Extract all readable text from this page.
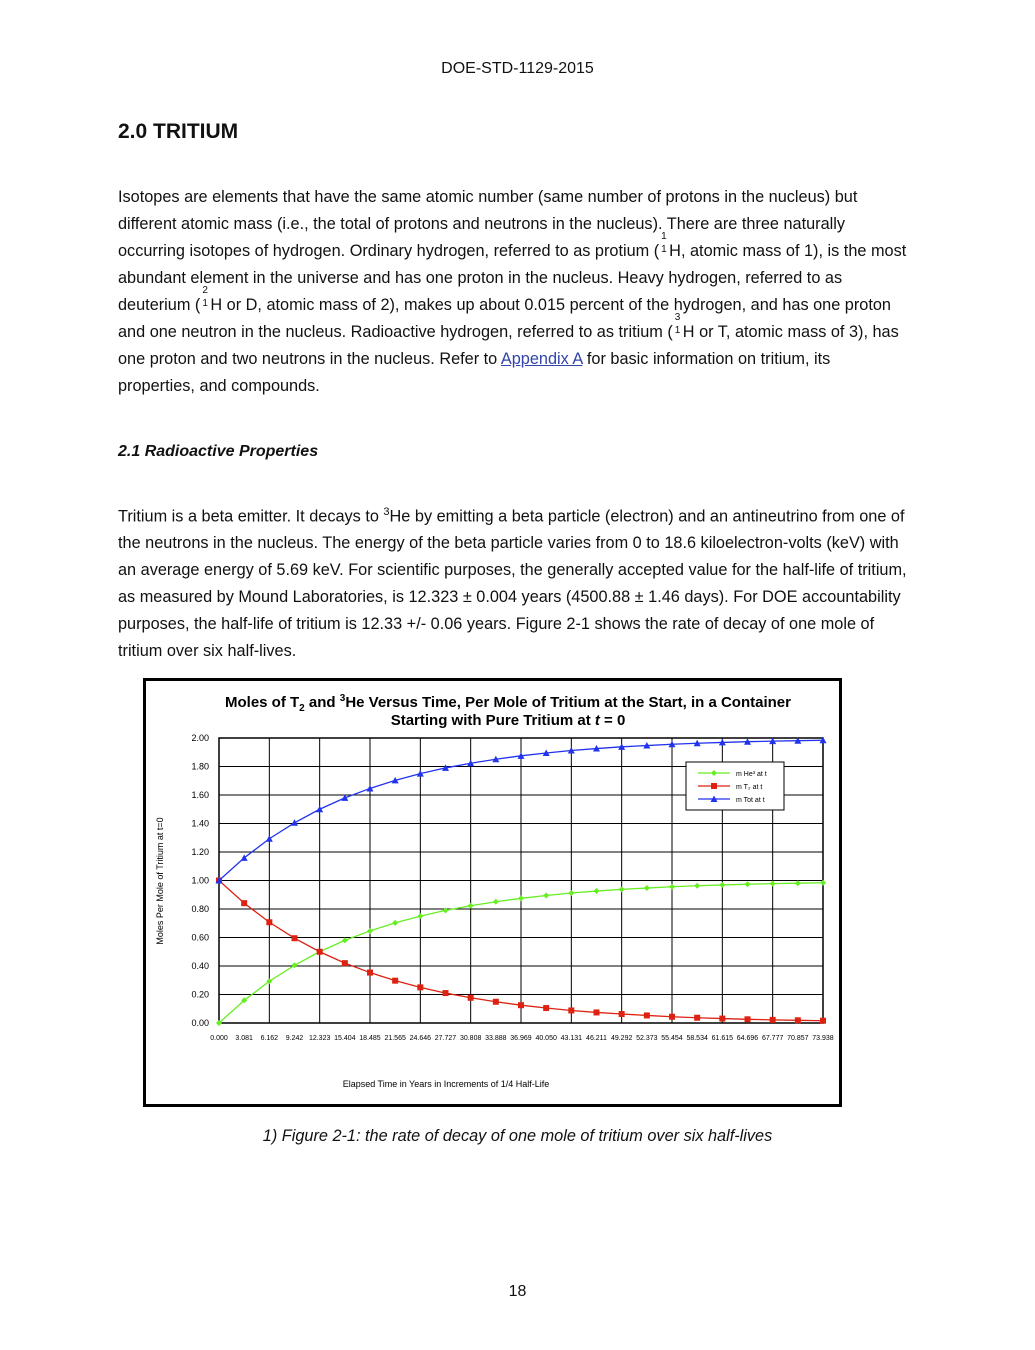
DOE-STD-1129-2015
2.0 TRITIUM
Isotopes are elements that have the same atomic number (same number of protons in the nucleus) but different atomic mass (i.e., the total of protons and neutrons in the nucleus). There are three naturally occurring isotopes of hydrogen. Ordinary hydrogen, referred to as protium (
1
1 H, atomic mass of 1), is the most abundant element in the universe and has one proton in the nucleus. Heavy hydrogen, referred to as deuterium (
2
1 H or D, atomic mass of 2), makes up about 0.015 percent of the hydrogen, and has one proton and one neutron in the nucleus. Radioactive hydrogen, referred to as tritium (
3
1 H or T, atomic mass of 3), has one proton and two neutrons in the nucleus. Refer to Appendix A for basic information on tritium, its properties, and compounds.
2.1 Radioactive Properties
Tritium is a beta emitter. It decays to $^3$He by emitting a beta particle (electron) and an antineutrino from one of the neutrons in the nucleus. The energy of the beta particle varies from 0 to 18.6 kiloelectron-volts (keV) with an average energy of 5.69 keV. For scientific purposes, the generally accepted value for the half-life of tritium, as measured by Mound Laboratories, is 12.323 ± 0.004 years (4500.88 ± 1.46 days). For DOE accountability purposes, the half-life of tritium is 12.33 +/- 0.06 years. Figure 2-1 shows the rate of decay of one mole of tritium over six half-lives.
Moles of $T_2$ and $^3$He Versus Time, Per Mole of Tritium at the Start, in a Container
Starting with Pure Tritium at t = 0
Moles Per Mole of Tritium at t=0
Elapsed Time in Years in Increments of 1/4 Half-Life
0.00
0.20
0.40
0.60
0.80
1.00
1.20
1.40
1.60
1.80
2.00
0.000 3.081 6.162 9.242 12.323 15.404 18.485 21.565 24.646 27.727 30.808 33.888 36.969 40.050 43.131 46.211 49.292 52.373 55.454 58.534 61.615 64.696 67.777 70.857 73.938
m He³ at t
m T₂ at t
m Tot at t
1) Figure 2-1: the rate of decay of one mole of tritium over six half-lives
18
